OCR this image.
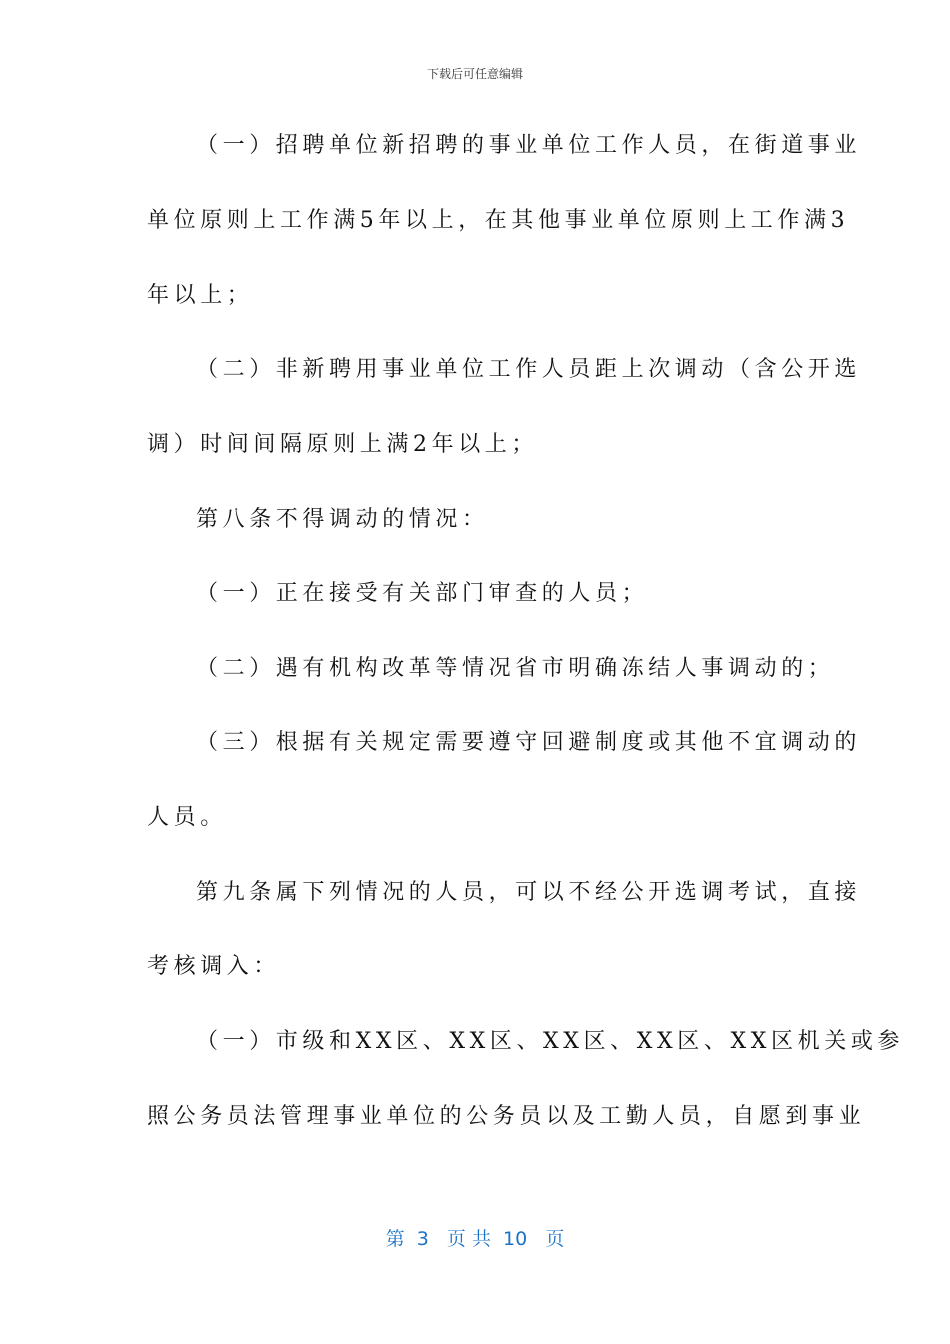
下载后可任意编辑
（一）招聘单位新招聘的事业单位工作人员，在街道事业
单位原则上工作满5年以上，在其他事业单位原则上工作满3
年以上；
（二）非新聘用事业单位工作人员距上次调动（含公开选
调）时间间隔原则上满2年以上；
第八条不得调动的情况：
（一）正在接受有关部门审查的人员；
（二）遇有机构改革等情况省市明确冻结人事调动的；
（三）根据有关规定需要遵守回避制度或其他不宜调动的
人员。
第九条属下列情况的人员，可以不经公开选调考试，直接
考核调入：
（一）市级和XX区、XX区、XX区、XX区、XX区机关或参
照公务员法管理事业单位的公务员以及工勤人员，自愿到事业
第  3   页 共  10   页
